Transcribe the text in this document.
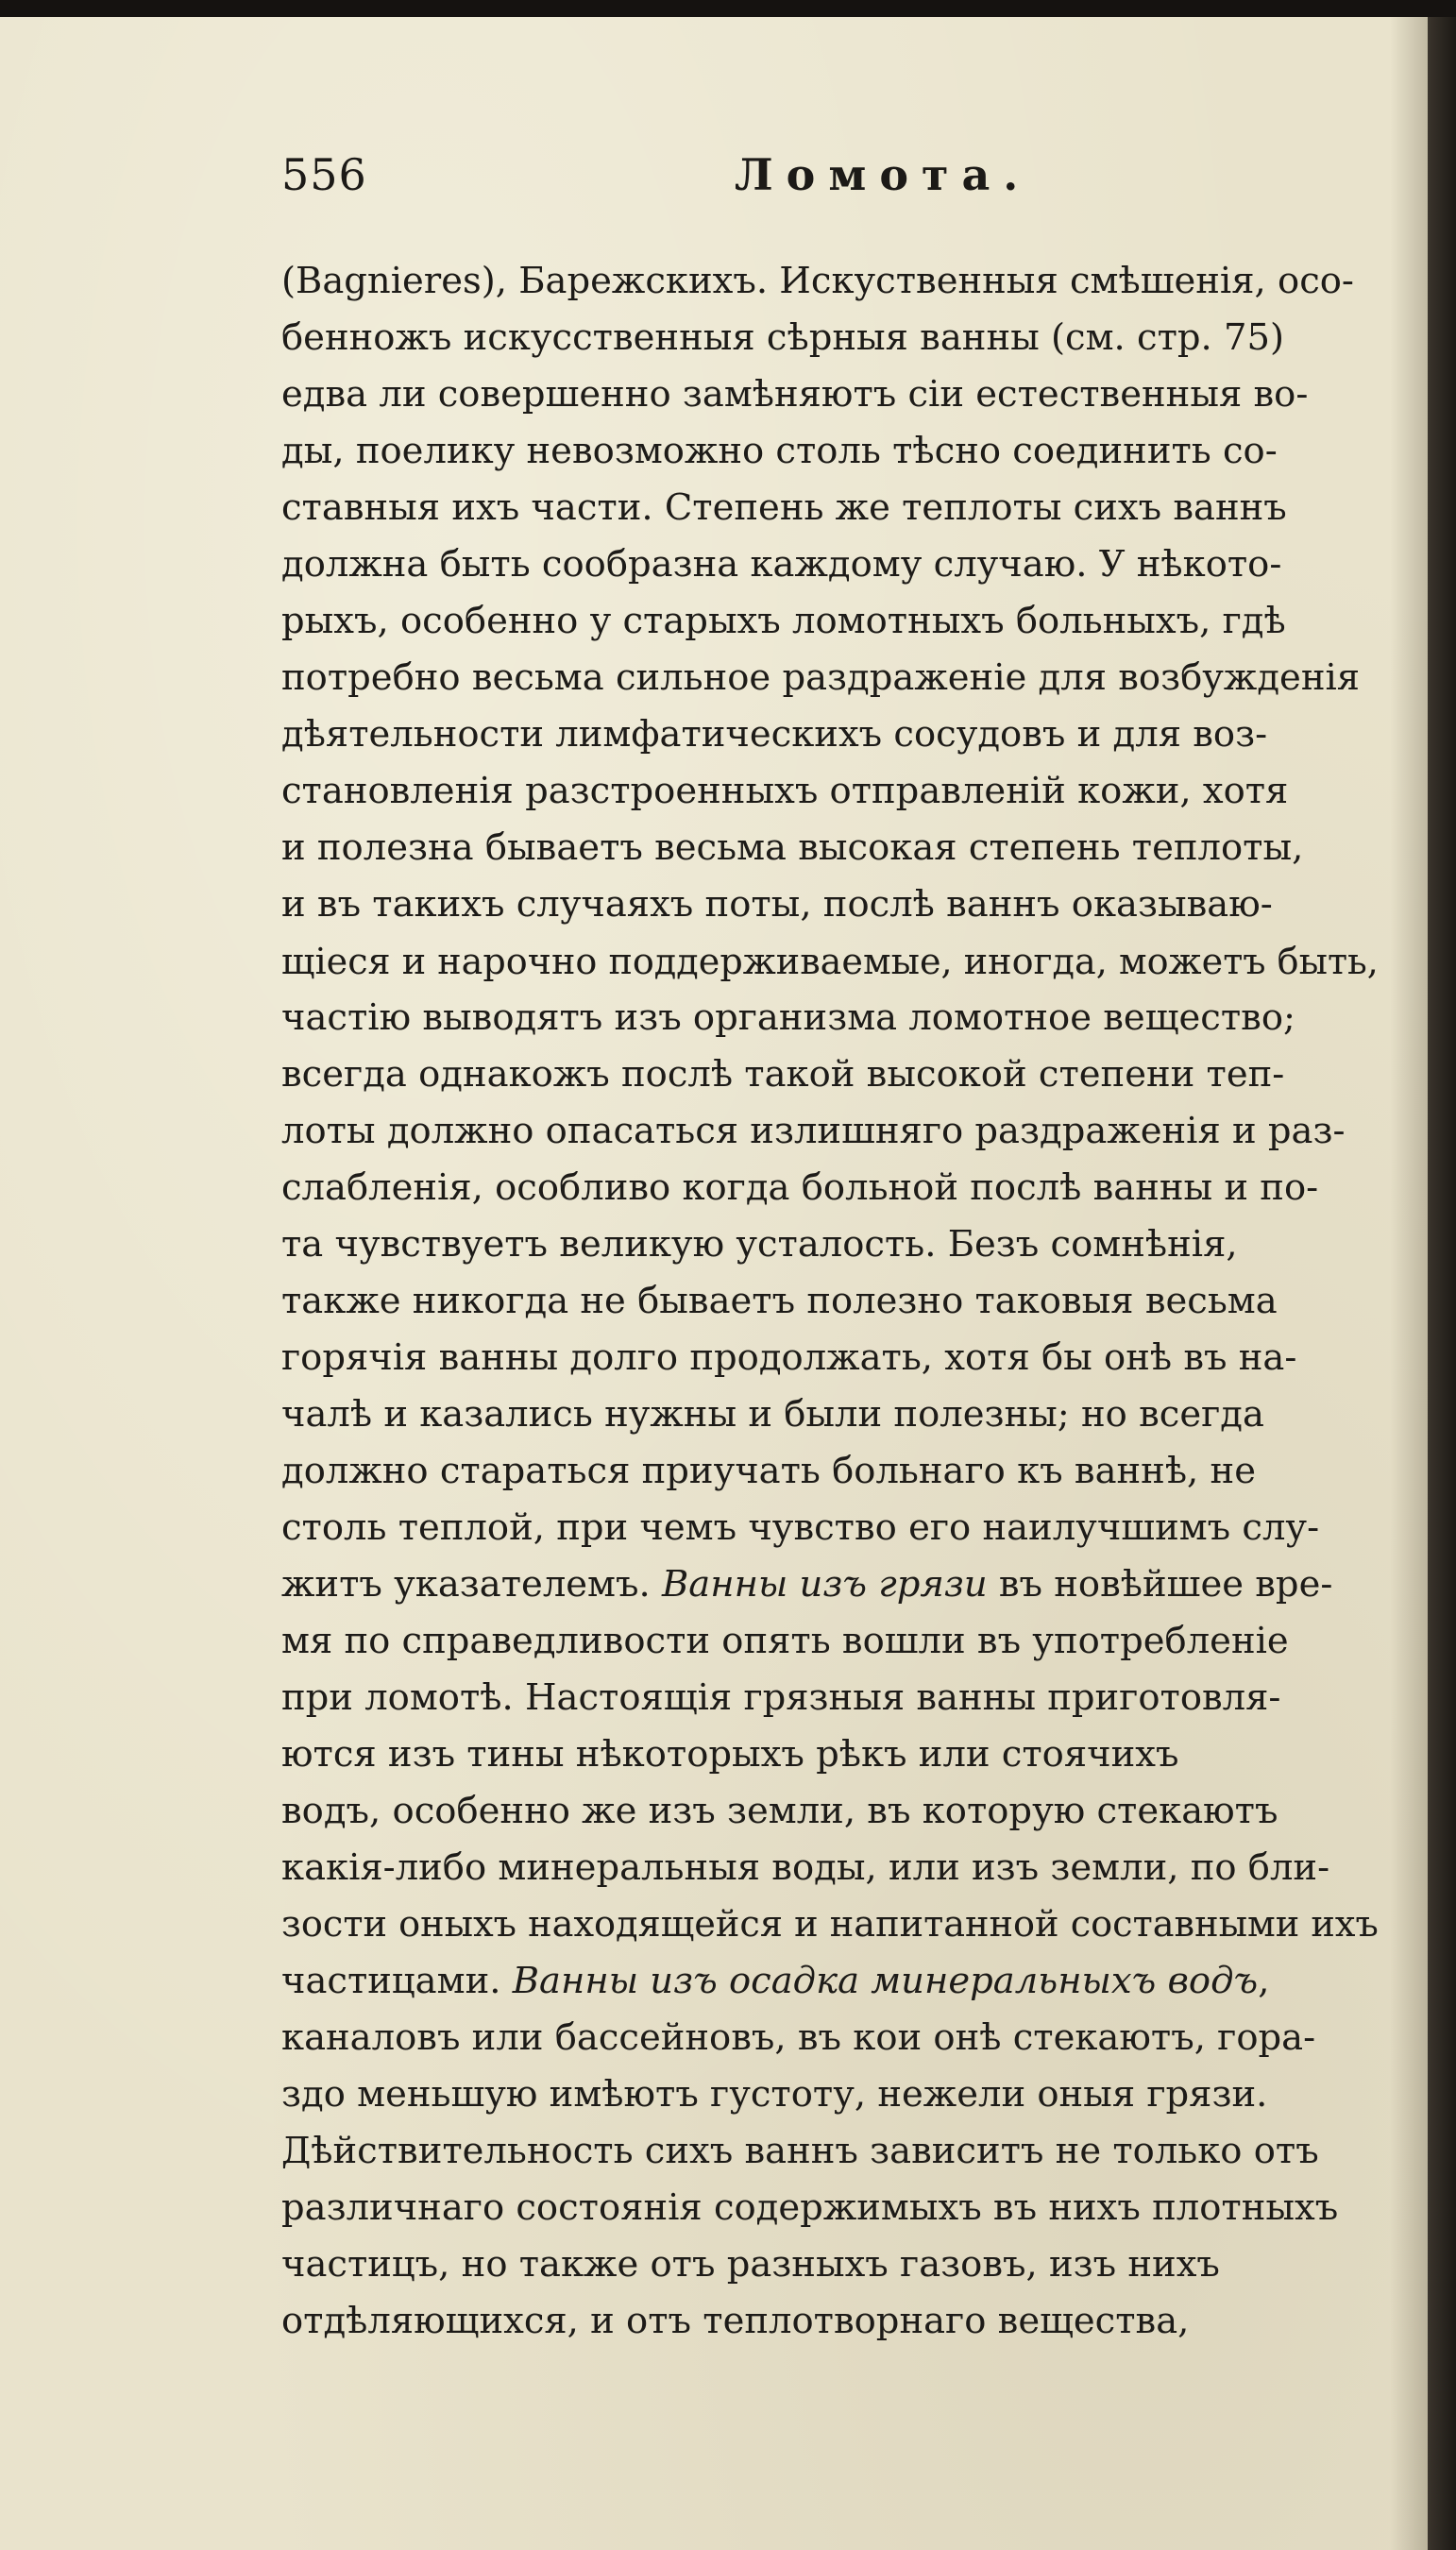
556	Ломота.
(Bagnieres), Барежскихъ. Искуственныя смѣшенія, осо-
бенножъ искусственныя сѣрныя ванны (см. стр. 75)
едва ли совершенно замѣняютъ сіи естественныя во-
ды, поелику невозможно столь тѣсно соединить со-
ставныя ихъ части. Степень же теплоты сихъ ваннъ
должна быть сообразна каждому случаю. У нѣкото-
рыхъ, особенно у старыхъ ломотныхъ больныхъ, гдѣ
потребно весьма сильное раздраженіе для возбужденія
дѣятельности лимфатическихъ сосудовъ и для воз-
становленія разстроенныхъ отправленій кожи, хотя
и полезна бываетъ весьма высокая степень теплоты,
и въ такихъ случаяхъ поты, послѣ ваннъ оказываю-
щіеся и нарочно поддерживаемые, иногда, можетъ быть,
частію выводятъ изъ организма ломотное вещество;
всегда однакожъ послѣ такой высокой степени теп-
лоты должно опасаться излишняго раздраженія и раз-
слабленія, особливо когда больной послѣ ванны и по-
та чувствуетъ великую усталость. Безъ сомнѣнія,
также никогда не бываетъ полезно таковыя весьма
горячія ванны долго продолжать, хотя бы онѣ въ на-
чалѣ и казались нужны и были полезны; но всегда
должно стараться приучать больнаго къ ваннѣ, не
столь теплой, при чемъ чувство его наилучшимъ слу-
житъ указателемъ. Ванны изъ грязи въ новѣйшее вре-
мя по справедливости опять вошли въ употребленіе
при ломотѣ. Настоящія грязныя ванны приготовля-
ются изъ тины нѣкоторыхъ рѣкъ или стоячихъ
водъ, особенно же изъ земли, въ которую стекаютъ
какія-либо минеральныя воды, или изъ земли, по бли-
зости оныхъ находящейся и напитанной составными ихъ
частицами. Ванны изъ осадка минеральныхъ водъ,
каналовъ или бассейновъ, въ кои онѣ стекаютъ, гора-
здо меньшую имѣютъ густоту, нежели оныя грязи.
Дѣйствительность сихъ ваннъ зависитъ не только отъ
различнаго состоянія содержимыхъ въ нихъ плотныхъ
частицъ, но также отъ разныхъ газовъ, изъ нихъ
отдѣляющихся, и отъ теплотворнаго вещества,
